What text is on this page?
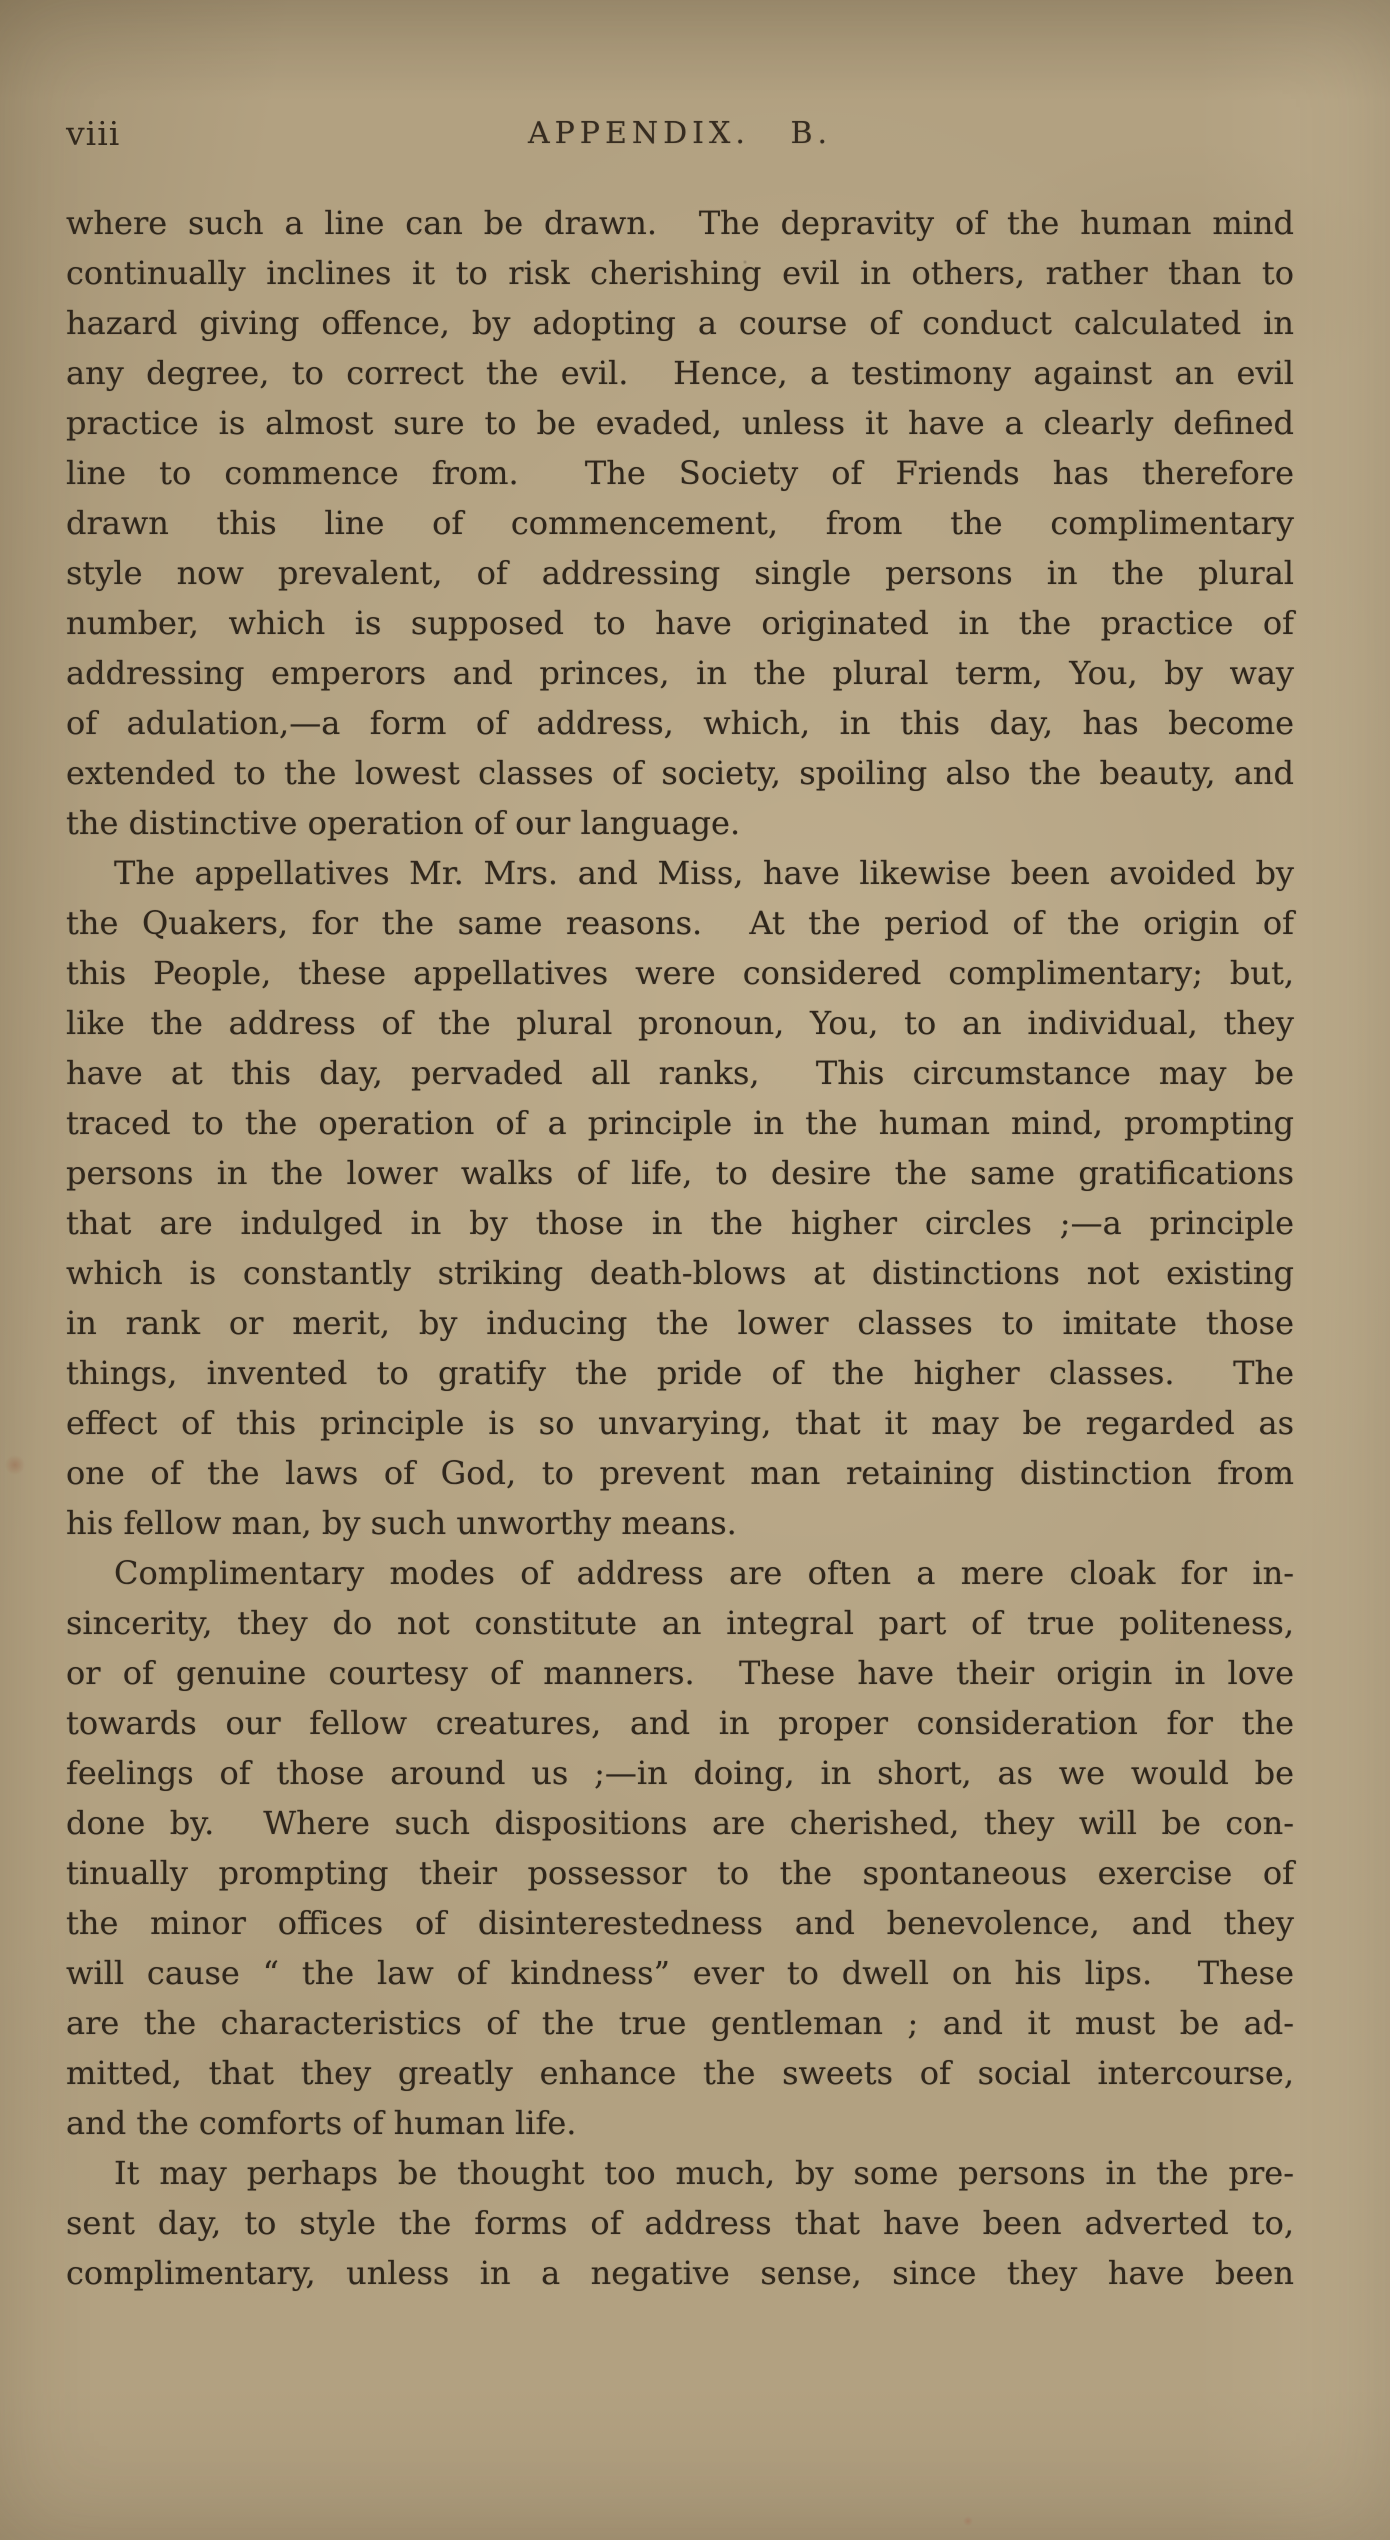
viii	APPENDIX. B.
where such a line can be drawn.  The depravity of the human mind
continually inclines it to risk cherishing evil in others, rather than to
hazard giving offence, by adopting a course of conduct calculated in
any degree, to correct the evil.  Hence, a testimony against an evil
practice is almost sure to be evaded, unless it have a clearly defined
line to commence from.  The Society of Friends has therefore
drawn this line of commencement, from the complimentary
style now prevalent, of addressing single persons in the plural
number, which is supposed to have originated in the practice of
addressing emperors and princes, in the plural term, You, by way
of adulation,—a form of address, which, in this day, has become
extended to the lowest classes of society, spoiling also the beauty, and
the distinctive operation of our language.
The appellatives Mr. Mrs. and Miss, have likewise been avoided by
the Quakers, for the same reasons.  At the period of the origin of
this People, these appellatives were considered complimentary; but,
like the address of the plural pronoun, You, to an individual, they
have at this day, pervaded all ranks,  This circumstance may be
traced to the operation of a principle in the human mind, prompting
persons in the lower walks of life, to desire the same gratifications
that are indulged in by those in the higher circles ;—a principle
which is constantly striking death-blows at distinctions not existing
in rank or merit, by inducing the lower classes to imitate those
things, invented to gratify the pride of the higher classes.  The
effect of this principle is so unvarying, that it may be regarded as
one of the laws of God, to prevent man retaining distinction from
his fellow man, by such unworthy means.
Complimentary modes of address are often a mere cloak for in-
sincerity, they do not constitute an integral part of true politeness,
or of genuine courtesy of manners.  These have their origin in love
towards our fellow creatures, and in proper consideration for the
feelings of those around us ;—in doing, in short, as we would be
done by.  Where such dispositions are cherished, they will be con-
tinually prompting their possessor to the spontaneous exercise of
the minor offices of disinterestedness and benevolence, and they
will cause “ the law of kindness” ever to dwell on his lips.  These
are the characteristics of the true gentleman ; and it must be ad-
mitted, that they greatly enhance the sweets of social intercourse,
and the comforts of human life.
It may perhaps be thought too much, by some persons in the pre-
sent day, to style the forms of address that have been adverted to,
complimentary, unless in a negative sense, since they have been
